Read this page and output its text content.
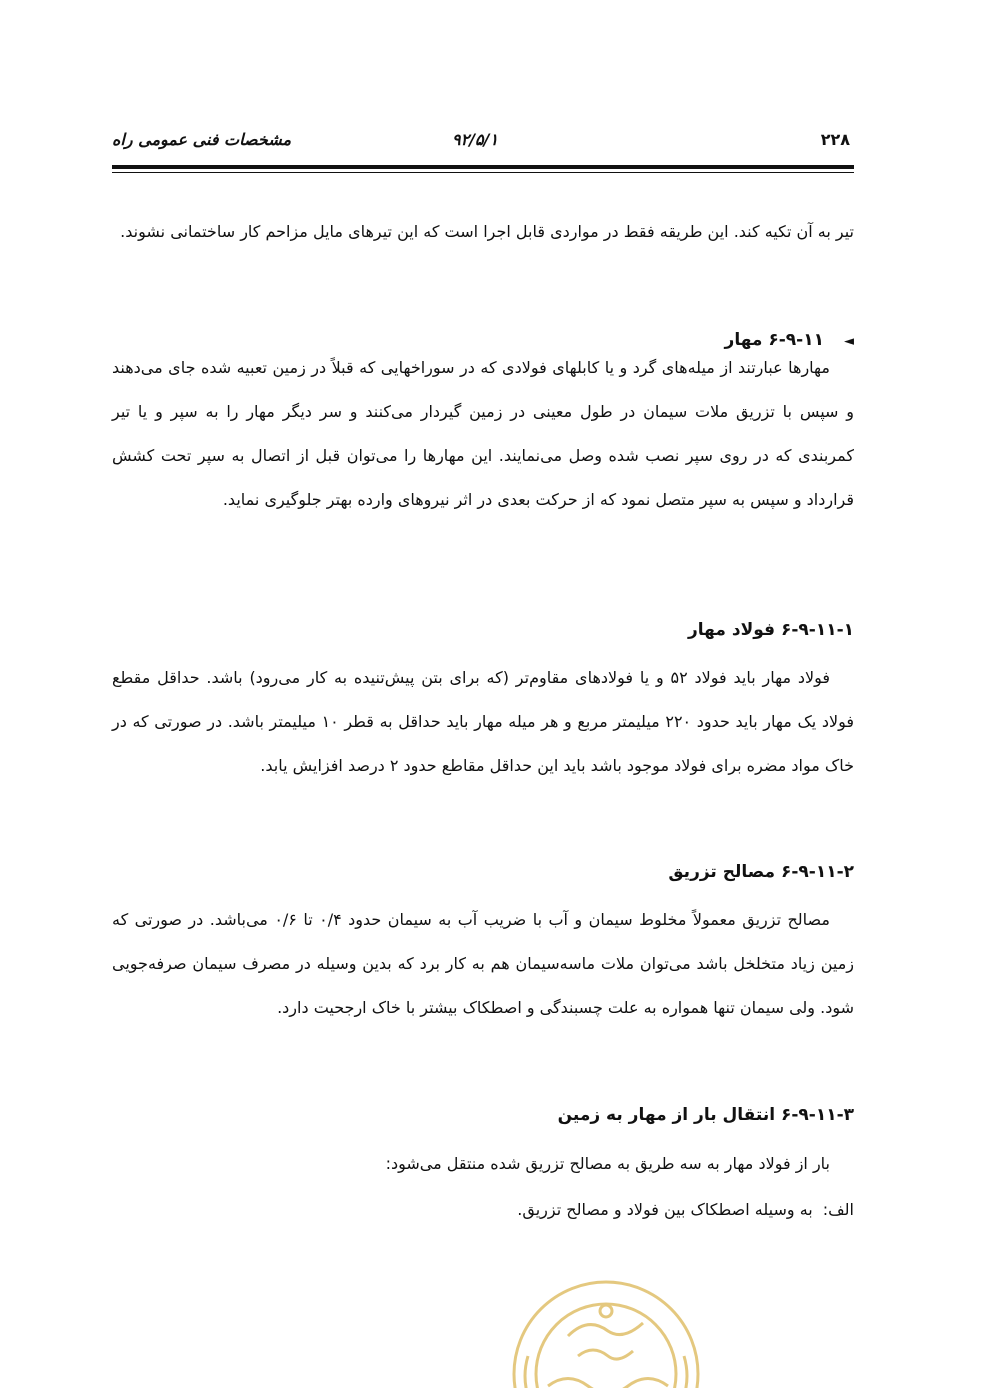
۲۲۸
۹۲/۵/۱
مشخصات فنی عمومی راه

تیر به آن تکیه کند. این طریقه فقط در مواردی قابل اجرا است که این تیرهای مایل مزاحم کار ساختمانی نشوند.

◄۶-۹-۱۱ مهار

مهارها عبارتند از میله‌های گرد و یا کابلهای فولادی که در سوراخهایی که قبلاً در زمین تعبیه شده جای می‌دهند و سپس با تزریق ملات سیمان در طول معینی در زمین گیردار می‌کنند و سر دیگر مهار را به سپر و یا تیر کمربندی که در روی سپر نصب شده وصل می‌نمایند. این مهارها را می‌توان قبل از اتصال به سپر تحت کشش قرارداد و سپس به سپر متصل نمود که از حرکت بعدی در اثر نیروهای وارده بهتر جلوگیری نماید.

۶-۹-۱۱-۱ فولاد مهار

فولاد مهار باید فولاد ۵۲ و یا فولادهای مقاوم‌تر (که برای بتن پیش‌تنیده به کار می‌رود) باشد. حداقل مقطع فولاد یک مهار باید حدود ۲۲۰ میلیمتر مربع و هر میله مهار باید حداقل به قطر ۱۰ میلیمتر باشد. در صورتی که در خاک مواد مضره برای فولاد موجود باشد باید این حداقل مقاطع حدود ۲ درصد افزایش یابد.

۶-۹-۱۱-۲ مصالح تزریق

مصالح تزریق معمولاً مخلوط سیمان و آب با ضریب آب به سیمان حدود ۰/۴ تا ۰/۶ می‌باشد. در صورتی که زمین زیاد متخلخل باشد می‌توان ملات ماسه‌سیمان هم به کار برد که بدین وسیله در مصرف سیمان صرفه‌جویی شود. ولی سیمان تنها همواره به علت چسبندگی و اصطکاک بیشتر با خاک ارجحیت دارد.

۶-۹-۱۱-۳ انتقال بار از مهار به زمین
بار از فولاد مهار به سه طریق به مصالح تزریق شده منتقل می‌شود:
الف:به وسیله اصطکاک بین فولاد و مصالح تزریق.
